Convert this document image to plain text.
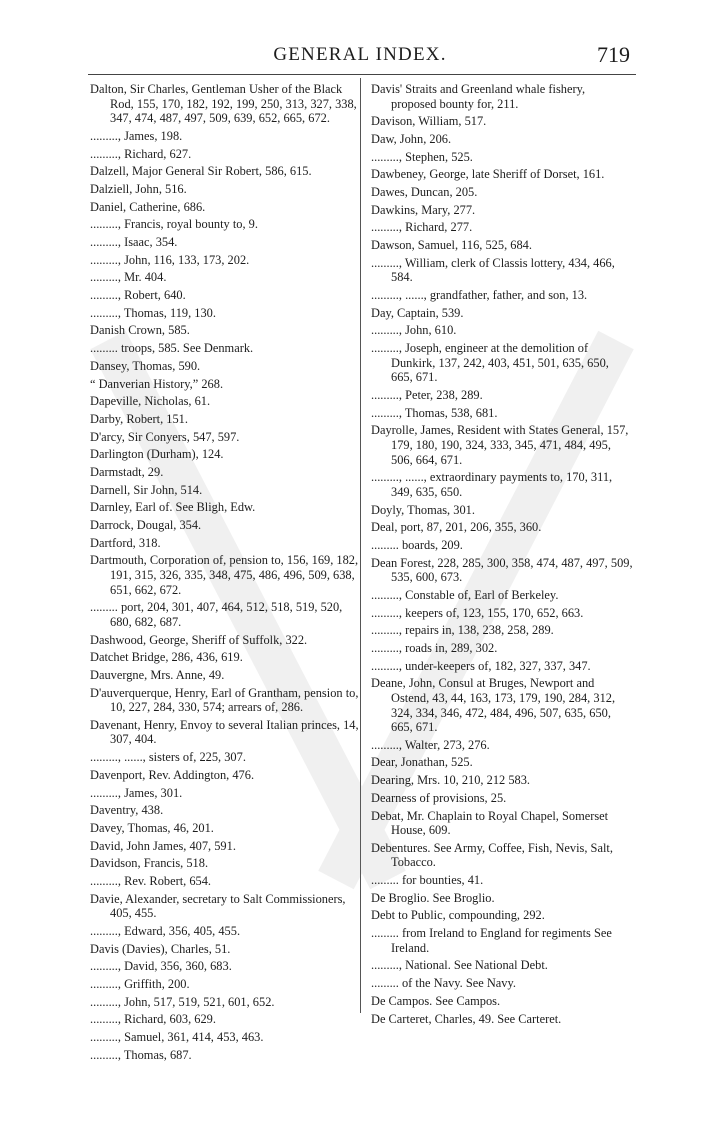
GENERAL INDEX.	719
Dalton, Sir Charles, Gentleman Usher of the Black Rod, 155, 170, 182, 192, 199, 250, 313, 327, 338, 347, 474, 487, 497, 509, 639, 652, 665, 672.
........., James, 198.
........., Richard, 627.
Dalzell, Major General Sir Robert, 586, 615.
Dalziell, John, 516.
Daniel, Catherine, 686.
........., Francis, royal bounty to, 9.
........., Isaac, 354.
........., John, 116, 133, 173, 202.
........., Mr. 404.
........., Robert, 640.
........., Thomas, 119, 130.
Danish Crown, 585.
......... troops, 585. See Denmark.
Dansey, Thomas, 590.
“ Danverian History,” 268.
Dapeville, Nicholas, 61.
Darby, Robert, 151.
D'arcy, Sir Conyers, 547, 597.
Darlington (Durham), 124.
Darmstadt, 29.
Darnell, Sir John, 514.
Darnley, Earl of. See Bligh, Edw.
Darrock, Dougal, 354.
Dartford, 318.
Dartmouth, Corporation of, pension to, 156, 169, 182, 191, 315, 326, 335, 348, 475, 486, 496, 509, 638, 651, 662, 672.
......... port, 204, 301, 407, 464, 512, 518, 519, 520, 680, 682, 687.
Dashwood, George, Sheriff of Suffolk, 322.
Datchet Bridge, 286, 436, 619.
Dauvergne, Mrs. Anne, 49.
D'auverquerque, Henry, Earl of Grantham, pension to, 10, 227, 284, 330, 574; arrears of, 286.
Davenant, Henry, Envoy to several Italian princes, 14, 307, 404.
........., ......, sisters of, 225, 307.
Davenport, Rev. Addington, 476.
........., James, 301.
Daventry, 438.
Davey, Thomas, 46, 201.
David, John James, 407, 591.
Davidson, Francis, 518.
........., Rev. Robert, 654.
Davie, Alexander, secretary to Salt Commissioners, 405, 455.
........., Edward, 356, 405, 455.
Davis (Davies), Charles, 51.
........., David, 356, 360, 683.
........., Griffith, 200.
........., John, 517, 519, 521, 601, 652.
........., Richard, 603, 629.
........., Samuel, 361, 414, 453, 463.
........., Thomas, 687.
Davis' Straits and Greenland whale fishery, proposed bounty for, 211.
Davison, William, 517.
Daw, John, 206.
........., Stephen, 525.
Dawbeney, George, late Sheriff of Dorset, 161.
Dawes, Duncan, 205.
Dawkins, Mary, 277.
........., Richard, 277.
Dawson, Samuel, 116, 525, 684.
........., William, clerk of Classis lottery, 434, 466, 584.
........., ......, grandfather, father, and son, 13.
Day, Captain, 539.
........., John, 610.
........., Joseph, engineer at the demolition of Dunkirk, 137, 242, 403, 451, 501, 635, 650, 665, 671.
........., Peter, 238, 289.
........., Thomas, 538, 681.
Dayrolle, James, Resident with States General, 157, 179, 180, 190, 324, 333, 345, 471, 484, 495, 506, 664, 671.
........., ......, extraordinary payments to, 170, 311, 349, 635, 650.
Doyly, Thomas, 301.
Deal, port, 87, 201, 206, 355, 360.
......... boards, 209.
Dean Forest, 228, 285, 300, 358, 474, 487, 497, 509, 535, 600, 673.
........., Constable of, Earl of Berkeley.
........., keepers of, 123, 155, 170, 652, 663.
........., repairs in, 138, 238, 258, 289.
........., roads in, 289, 302.
........., under-keepers of, 182, 327, 337, 347.
Deane, John, Consul at Bruges, Newport and Ostend, 43, 44, 163, 173, 179, 190, 284, 312, 324, 334, 346, 472, 484, 496, 507, 635, 650, 665, 671.
........., Walter, 273, 276.
Dear, Jonathan, 525.
Dearing, Mrs. 10, 210, 212 583.
Dearness of provisions, 25.
Debat, Mr. Chaplain to Royal Chapel, Somerset House, 609.
Debentures. See Army, Coffee, Fish, Nevis, Salt, Tobacco.
......... for bounties, 41.
De Broglio. See Broglio.
Debt to Public, compounding, 292.
......... from Ireland to England for regiments See Ireland.
........., National. See National Debt.
......... of the Navy. See Navy.
De Campos. See Campos.
De Carteret, Charles, 49. See Carteret.
